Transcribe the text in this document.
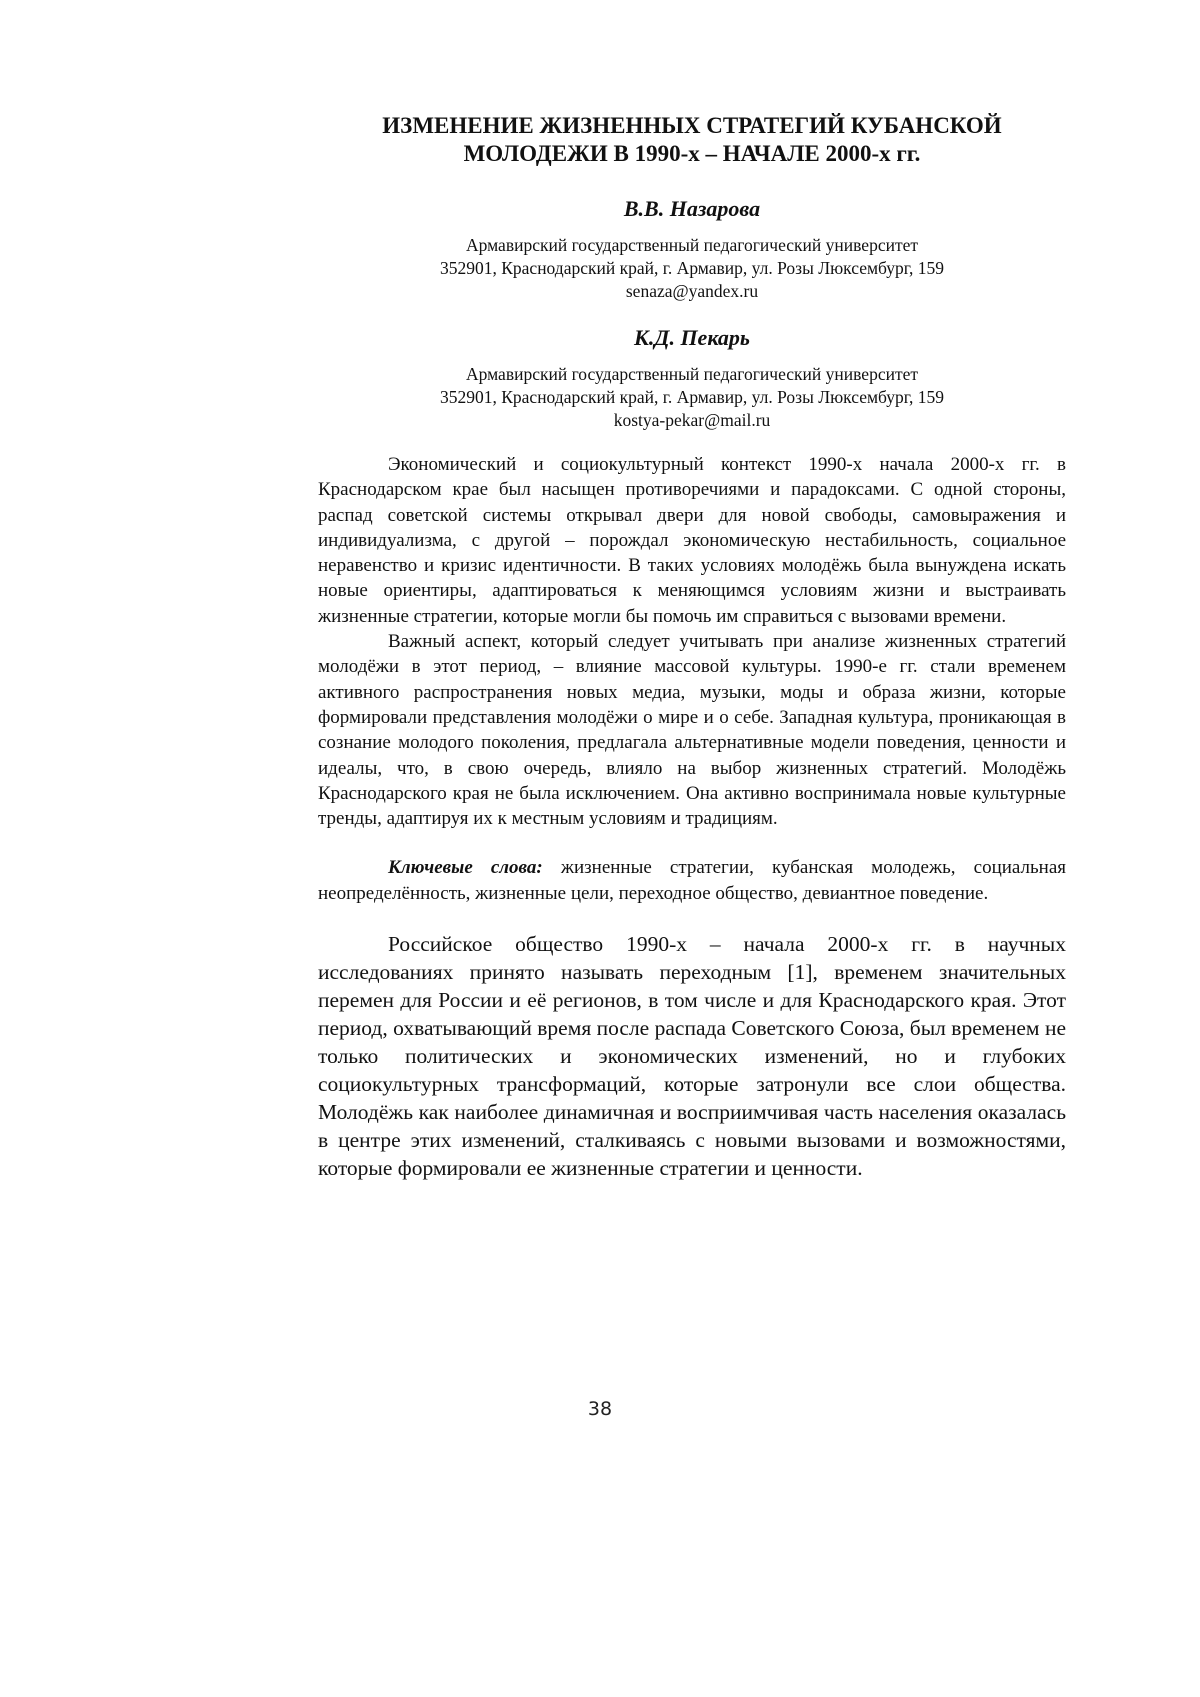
ИЗМЕНЕНИЕ ЖИЗНЕННЫХ СТРАТЕГИЙ КУБАНСКОЙ
МОЛОДЕЖИ В 1990-х – НАЧАЛЕ 2000-х гг.
В.В. Назарова
Армавирский государственный педагогический университет
352901, Краснодарский край, г. Армавир, ул. Розы Люксембург, 159
senaza@yandex.ru
К.Д. Пекарь
Армавирский государственный педагогический университет
352901, Краснодарский край, г. Армавир, ул. Розы Люксембург, 159
kostya-pekar@mail.ru

Экономический и социокультурный контекст 1990-х начала 2000-х гг. в Краснодарском крае был насыщен противоречиями и парадоксами. С одной стороны, распад советской системы открывал двери для новой свободы, самовыражения и индивидуализма, с другой – порождал экономическую нестабильность, социальное неравенство и кризис идентичности. В таких условиях молодёжь была вынуждена искать новые ориентиры, адаптироваться к меняющимся условиям жизни и выстраивать жизненные стратегии, которые могли бы помочь им справиться с вызовами времени.

Важный аспект, который следует учитывать при анализе жизненных стратегий молодёжи в этот период, – влияние массовой культуры. 1990-е гг. стали временем активного распространения новых медиа, музыки, моды и образа жизни, которые формировали представления молодёжи о мире и о себе. Западная культура, проникающая в сознание молодого поколения, предлагала альтернативные модели поведения, ценности и идеалы, что, в свою очередь, влияло на выбор жизненных стратегий. Молодёжь Краснодарского края не была исключением. Она активно воспринимала новые культурные тренды, адаптируя их к местным условиям и традициям.

Ключевые слова: жизненные стратегии, кубанская молодежь, социальная неопределённость, жизненные цели, переходное общество, девиантное поведение.

Российское общество 1990-х – начала 2000-х гг. в научных исследованиях принято называть переходным [1], временем значительных перемен для России и её регионов, в том числе и для Краснодарского края. Этот период, охватывающий время после распада Советского Союза, был временем не только политических и экономических изменений, но и глубоких социокультурных трансформаций, которые затронули все слои общества. Молодёжь как наиболее динамичная и восприимчивая часть населения оказалась в центре этих изменений, сталкиваясь с новыми вызовами и возможностями, которые формировали ее жизненные стратегии и ценности.

38
